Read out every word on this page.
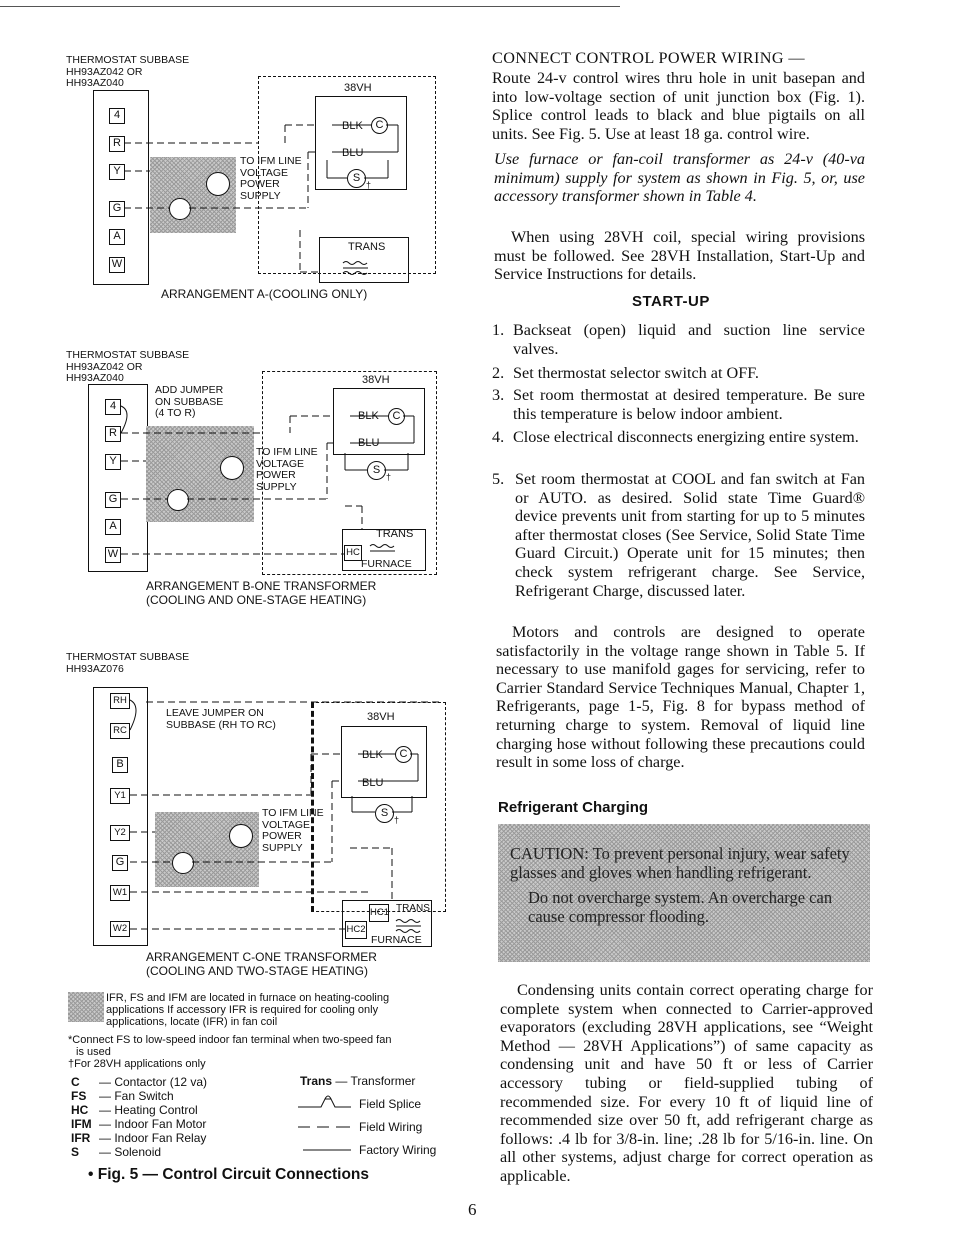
THERMOSTAT SUBBASE
HH93AZ042 OR
HH93AZ040
4
R
Y
G
A
W
38VH
BLK	C
BLU
S
†
TO IFM LINE
VOLTAGE
POWER
SUPPLY
TRANS
ARRANGEMENT A-(COOLING ONLY)
THERMOSTAT SUBBASE
HH93AZ042 OR
HH93AZ040
ADD JUMPER
ON SUBBASE
(4 TO R)
4
R
Y
G
A
W
38VH
BLK	C
BLU
S
†
TO IFM LINE
VOLTAGE
POWER
SUPPLY
TRANS
HC
FURNACE
ARRANGEMENT B-ONE TRANSFORMER
(COOLING AND ONE-STAGE HEATING)
THERMOSTAT SUBBASE
HH93AZ076
LEAVE JUMPER ON
SUBBASE (RH TO RC)
RH
RC
B
Y1
Y2
G
W1
W2
38VH
BLK	C
BLU
S
†
TO IFM LINE
VOLTAGE
POWER
SUPPLY
HC1
HC2
TRANS
FURNACE
ARRANGEMENT C-ONE TRANSFORMER
(COOLING AND TWO-STAGE HEATING)
IFR, FS and IFM are located in furnace on heating-cooling
applications If accessory IFR is required for cooling only
applications, locate (IFR) in fan coil
*Connect FS to low-speed indoor fan terminal when two-speed fan
is used
†For 28VH applications only
C — Contactor (12 va)
FS — Fan Switch
HC — Heating Control
IFM — Indoor Fan Motor
IFR — Indoor Fan Relay
S — Solenoid
Trans — Transformer
Field Splice
Field Wiring
Factory Wiring
• Fig. 5 — Control Circuit Connections
CONNECT CONTROL POWER WIRING —
Route 24-v control wires thru hole in unit basepan and into low-voltage section of unit junction box (Fig. 1). Splice control leads to black and blue pigtails on all units. See Fig. 5. Use at least 18 ga. control wire.
Use furnace or fan-coil transformer as 24-v (40-va minimum) supply for system as shown in Fig. 5, or, use accessory transformer shown in Table 4.
When using 28VH coil, special wiring provisions must be followed. See 28VH Installation, Start-Up and Service Instructions for details.
START-UP
1. Backseat (open) liquid and suction line service valves.
2. Set thermostat selector switch at OFF.
3. Set room thermostat at desired temperature. Be sure this temperature is below indoor ambient.
4. Close electrical disconnects energizing entire system.
5. Set room thermostat at COOL and fan switch at Fan or AUTO. as desired. Solid state Time Guard® device prevents unit from starting for up to 5 minutes after thermostat closes (See Service, Solid State Time Guard Circuit.) Operate unit for 15 minutes; then check system refrigerant charge. See Service, Refrigerant Charge, discussed later.
Motors and controls are designed to operate satisfactorily in the voltage range shown in Table 5. If necessary to use manifold gages for servicing, refer to Carrier Standard Service Techniques Manual, Chapter 1, Refrigerants, page 1-5, Fig. 8 for bypass method of returning charge to system. Removal of liquid line charging hose without following these precautions could result in some loss of charge.
Refrigerant Charging

CAUTION: To prevent personal injury, wear safety glasses and gloves when handling refrigerant.

Do not overcharge system. An overcharge can cause compressor flooding.

Condensing units contain correct operating charge for complete system when connected to Carrier-approved evaporators (excluding 28VH applications, see “Weight Method — 28VH Applications”) of same capacity as condensing unit and have 50 ft or less of Carrier accessory tubing or field-supplied tubing of recommended size. For every 10 ft of liquid line of recommended size over 50 ft, add refrigerant charge as follows: .4 lb for 3/8-in. line; .28 lb for 5/16-in. line. On all other systems, adjust charge for correct operation as applicable.
6
